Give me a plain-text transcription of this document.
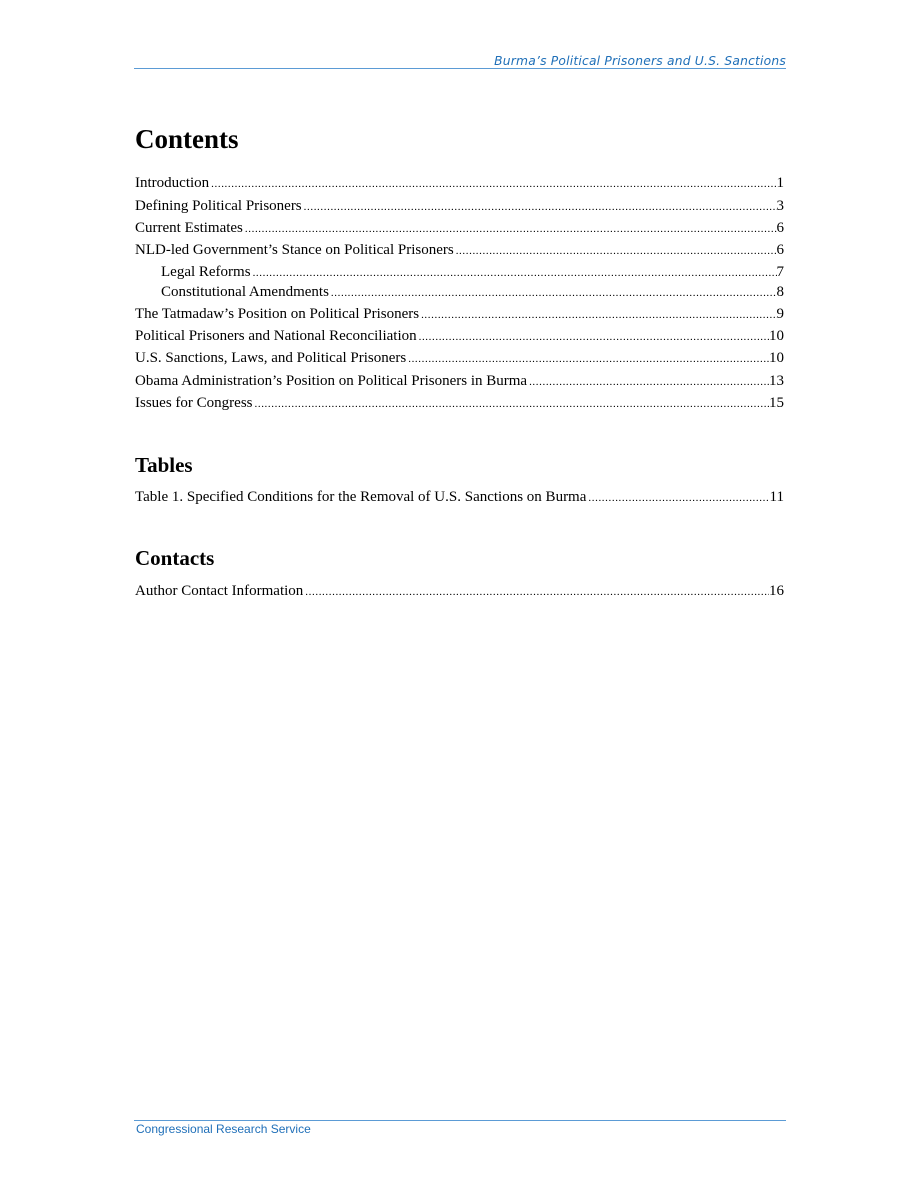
Burma’s Political Prisoners and U.S. Sanctions
Contents
Introduction .....	1
Defining Political Prisoners .....	3
Current Estimates .....	6
NLD-led Government’s Stance on Political Prisoners .....	6
Legal Reforms .....	7
Constitutional Amendments .....	8
The Tatmadaw’s Position on Political Prisoners .....	9
Political Prisoners and National Reconciliation .....	10
U.S. Sanctions, Laws, and Political Prisoners .....	10
Obama Administration’s Position on Political Prisoners in Burma .....	13
Issues for Congress .....	15
Tables
Table 1. Specified Conditions for the Removal of U.S. Sanctions on Burma .....	11
Contacts
Author Contact Information .....	16
Congressional Research Service
